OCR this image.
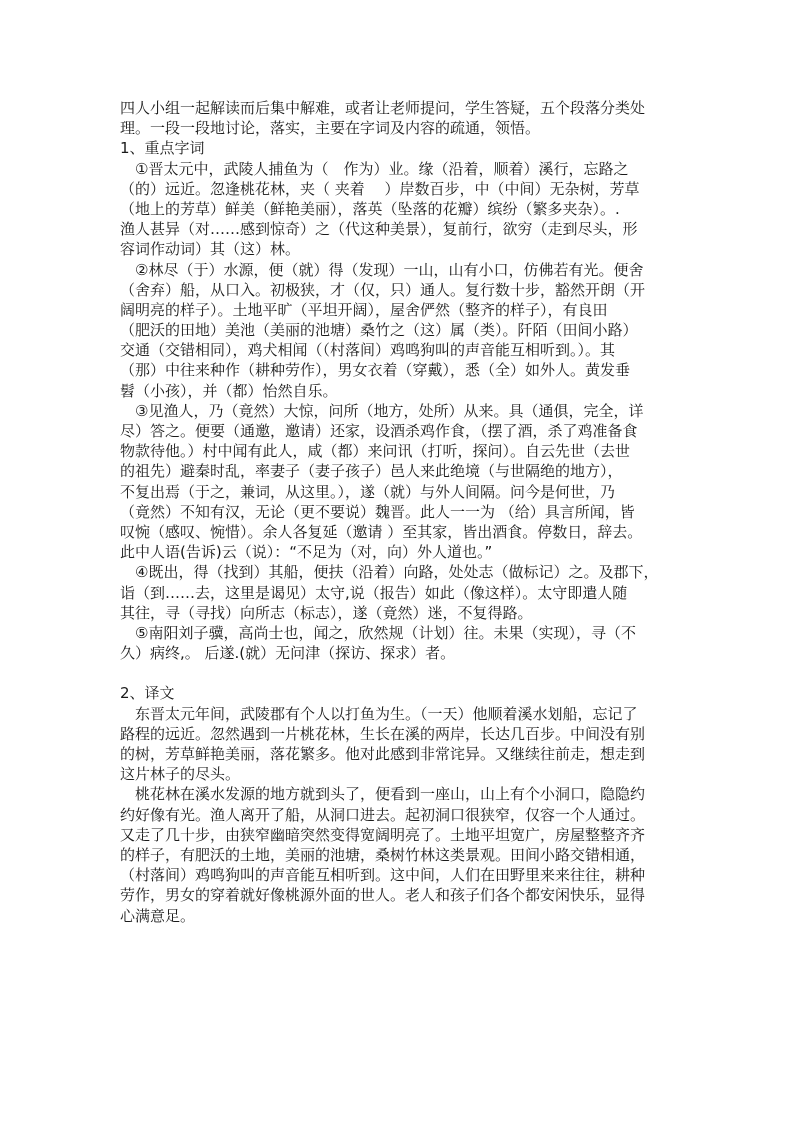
四人小组一起解读而后集中解难，或者让老师提问，学生答疑，五个段落分类处
理。一段一段地讨论，落实，主要在字词及内容的疏通，领悟。
1、重点字词
①晋太元中，武陵人捕鱼为（　作为）业。缘（沿着，顺着）溪行，忘路之
（的）远近。忽逢桃花林，夹（ 夹着　 ）岸数百步，中（中间）无杂树，芳草
（地上的芳草）鲜美（鲜艳美丽），落英（坠落的花瓣）缤纷（繁多夹杂）。.
渔人甚异（对……感到惊奇）之（代这种美景），复前行，欲穷（走到尽头，形
容词作动词）其（这）林。
②林尽（于）水源，便（就）得（发现）一山，山有小口，仿佛若有光。便舍
（舍弃）船，从口入。初极狭，才（仅，只）通人。复行数十步，豁然开朗（开
阔明亮的样子）。土地平旷（平坦开阔），屋舍俨然（整齐的样子），有良田
（肥沃的田地）美池（美丽的池塘）桑竹之（这）属（类）。阡陌（田间小路）
交通（交错相同），鸡犬相闻（（村落间）鸡鸣狗叫的声音能互相听到。）。其
（那）中往来种作（耕种劳作），男女衣着（穿戴），悉（全）如外人。黄发垂
髫（小孩），并（都）怡然自乐。
③见渔人，乃（竟然）大惊，问所（地方，处所）从来。具（通俱，完全，详
尽）答之。便要（通邀，邀请）还家，设酒杀鸡作食，（摆了酒，杀了鸡准备食
物款待他。）村中闻有此人，咸（都）来问讯（打听，探问）。自云先世（去世
的祖先）避秦时乱，率妻子（妻子孩子）邑人来此绝境（与世隔绝的地方），
不复出焉（于之，兼词，从这里。），遂（就）与外人间隔。问今是何世，乃
（竟然）不知有汉，无论（更不要说）魏晋。此人一一为 （给）具言所闻，皆
叹惋（感叹、惋惜）。余人各复延（邀请 ）至其家，皆出酒食。停数日，辞去。
此中人语(告诉)云（说）：“不足为（对，向）外人道也。”
④既出，得（找到）其船，便扶（沿着）向路，处处志（做标记）之。及郡下，
诣（到……去，这里是谒见）太守,说（报告）如此（像这样）。太守即遣人随
其往，寻（寻找）向所志（标志），遂（竟然）迷，不复得路。
⑤南阳刘子骥，高尚士也，闻之，欣然规（计划）往。未果（实现），寻（不
久）病终,。 后遂.(就）无问津（探访、探求）者。
2、译文
东晋太元年间，武陵郡有个人以打鱼为生。（一天）他顺着溪水划船，忘记了
路程的远近。忽然遇到一片桃花林，生长在溪的两岸，长达几百步。中间没有别
的树，芳草鲜艳美丽，落花繁多。他对此感到非常诧异。又继续往前走，想走到
这片林子的尽头。
桃花林在溪水发源的地方就到头了，便看到一座山，山上有个小洞口，隐隐约
约好像有光。渔人离开了船，从洞口进去。起初洞口很狭窄，仅容一个人通过。
又走了几十步，由狭窄幽暗突然变得宽阔明亮了。土地平坦宽广，房屋整整齐齐
的样子，有肥沃的土地，美丽的池塘，桑树竹林这类景观。田间小路交错相通，
（村落间）鸡鸣狗叫的声音能互相听到。这中间，人们在田野里来来往往，耕种
劳作，男女的穿着就好像桃源外面的世人。老人和孩子们各个都安闲快乐，显得
心满意足。
